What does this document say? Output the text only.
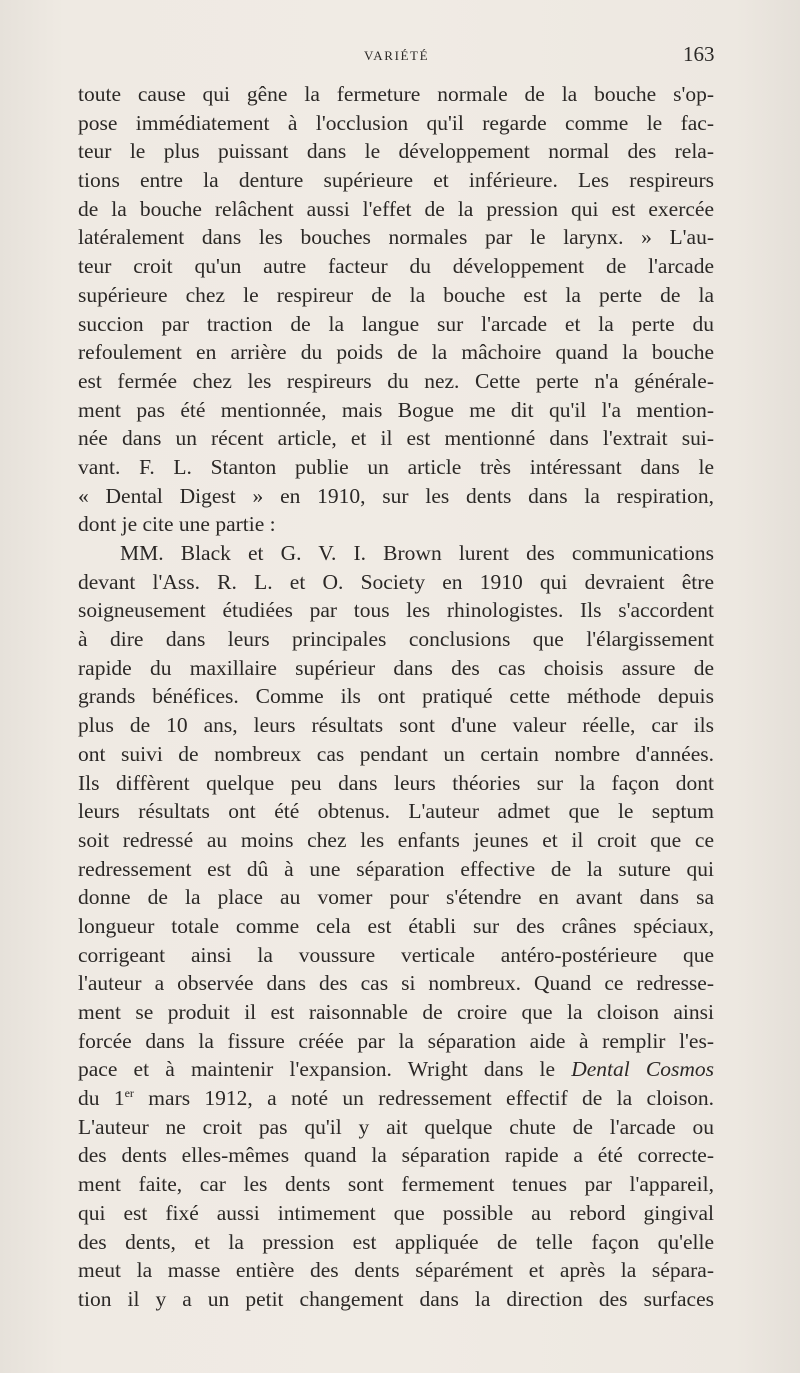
VARIÉTÉ	163
toute cause qui gêne la fermeture normale de la bouche s'op-
pose immédiatement à l'occlusion qu'il regarde comme le fac-
teur le plus puissant dans le développement normal des rela-
tions entre la denture supérieure et inférieure. Les respireurs
de la bouche relâchent aussi l'effet de la pression qui est exercée
latéralement dans les bouches normales par le larynx. » L'au-
teur croit qu'un autre facteur du développement de l'arcade
supérieure chez le respireur de la bouche est la perte de la
succion par traction de la langue sur l'arcade et la perte du
refoulement en arrière du poids de la mâchoire quand la bouche
est fermée chez les respireurs du nez. Cette perte n'a générale-
ment pas été mentionnée, mais Bogue me dit qu'il l'a mention-
née dans un récent article, et il est mentionné dans l'extrait sui-
vant. F. L. Stanton publie un article très intéressant dans le
« Dental Digest » en 1910, sur les dents dans la respiration,
dont je cite une partie :
MM. Black et G. V. I. Brown lurent des communications
devant l'Ass. R. L. et O. Society en 1910 qui devraient être
soigneusement étudiées par tous les rhinologistes. Ils s'accordent
à dire dans leurs principales conclusions que l'élargissement
rapide du maxillaire supérieur dans des cas choisis assure de
grands bénéfices. Comme ils ont pratiqué cette méthode depuis
plus de 10 ans, leurs résultats sont d'une valeur réelle, car ils
ont suivi de nombreux cas pendant un certain nombre d'années.
Ils diffèrent quelque peu dans leurs théories sur la façon dont
leurs résultats ont été obtenus. L'auteur admet que le septum
soit redressé au moins chez les enfants jeunes et il croit que ce
redressement est dû à une séparation effective de la suture qui
donne de la place au vomer pour s'étendre en avant dans sa
longueur totale comme cela est établi sur des crânes spéciaux,
corrigeant ainsi la voussure verticale antéro-postérieure que
l'auteur a observée dans des cas si nombreux. Quand ce redresse-
ment se produit il est raisonnable de croire que la cloison ainsi
forcée dans la fissure créée par la séparation aide à remplir l'es-
pace et à maintenir l'expansion. Wright dans le Dental Cosmos
du 1er mars 1912, a noté un redressement effectif de la cloison.
L'auteur ne croit pas qu'il y ait quelque chute de l'arcade ou
des dents elles-mêmes quand la séparation rapide a été correcte-
ment faite, car les dents sont fermement tenues par l'appareil,
qui est fixé aussi intimement que possible au rebord gingival
des dents, et la pression est appliquée de telle façon qu'elle
meut la masse entière des dents séparément et après la sépara-
tion il y a un petit changement dans la direction des surfaces
